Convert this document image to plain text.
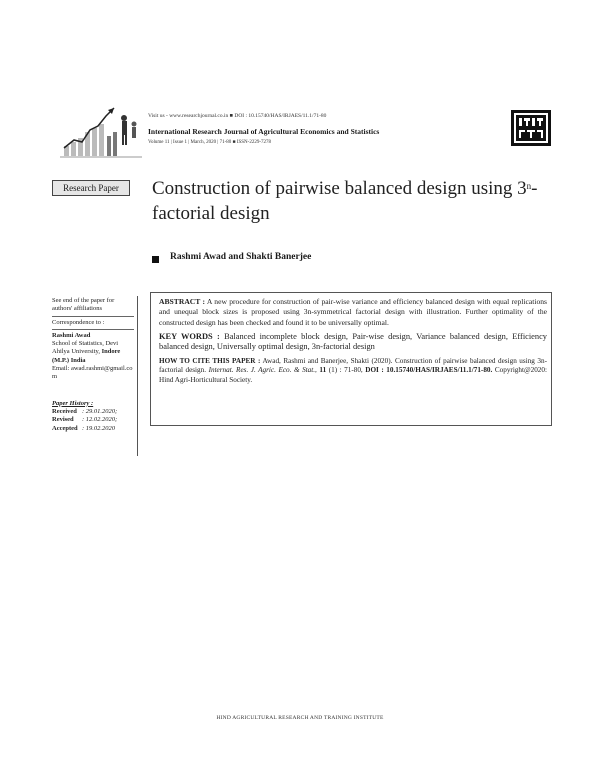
Visit us - www.researchjournal.co.in ■ DOI : 10.15740/HAS/IRJAES/11.1/71-80
International Research Journal of Agricultural Economics and Statistics
Volume 11 | Issue 1 | March, 2020 | 71-80 ■ ISSN-2229-7278
Research Paper	Construction of pairwise balanced design using 3$^n$-factorial design
Rashmi Awad and Shakti Banerjee
See end of the paper for authors' affiliations
Correspondence to :
Rashmi Awad
School of Statistics, Devi Ahilya University, Indore
(M.P.) India
Email: awad.rashmi@gmail.com
Paper History :
Received : 29.01.2020;
Revised : 12.02.2020;
Accepted : 19.02.2020

ABSTRACT : A new procedure for construction of pair-wise variance and efficiency balanced design with equal replications and unequal block sizes is proposed using 3n-symmetrical factorial design with illustration. Further optimality of the constructed design has been checked and found it to be universally optimal.

KEY WORDS : Balanced incomplete block design, Pair-wise design, Variance balanced design, Efficiency balanced design, Universally optimal design, 3n-factorial design

HOW TO CITE THIS PAPER : Awad, Rashmi and Banerjee, Shakti (2020). Construction of pairwise balanced design using 3n-factorial design. Internat. Res. J. Agric. Eco. & Stat., 11 (1) : 71-80, DOI : 10.15740/HAS/IRJAES/11.1/71-80. Copyright@2020: Hind Agri-Horticultural Society.

HIND AGRICULTURAL RESEARCH AND TRAINING INSTITUTE
